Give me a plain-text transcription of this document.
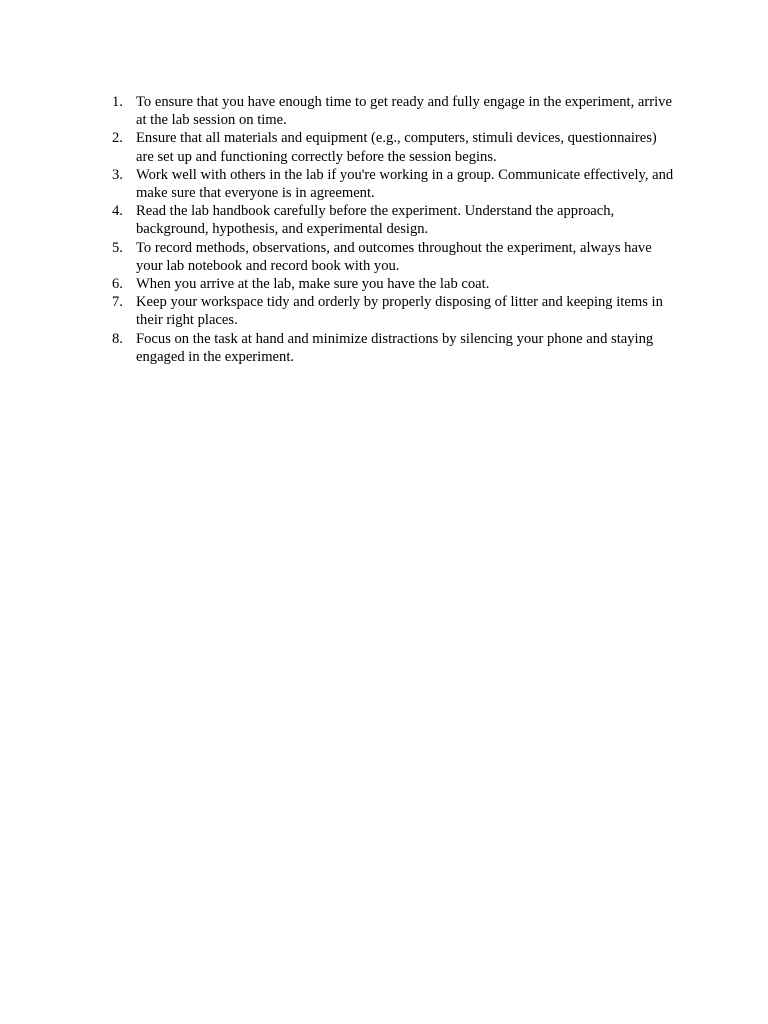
1. To ensure that you have enough time to get ready and fully engage in the experiment, arrive at the lab session on time.

2. Ensure that all materials and equipment (e.g., computers, stimuli devices, questionnaires) are set up and functioning correctly before the session begins.

3. Work well with others in the lab if you're working in a group. Communicate effectively, and make sure that everyone is in agreement.

4. Read the lab handbook carefully before the experiment. Understand the approach, background, hypothesis, and experimental design.

5. To record methods, observations, and outcomes throughout the experiment, always have your lab notebook and record book with you.

6. When you arrive at the lab, make sure you have the lab coat.

7. Keep your workspace tidy and orderly by properly disposing of litter and keeping items in their right places.

8. Focus on the task at hand and minimize distractions by silencing your phone and staying engaged in the experiment.
